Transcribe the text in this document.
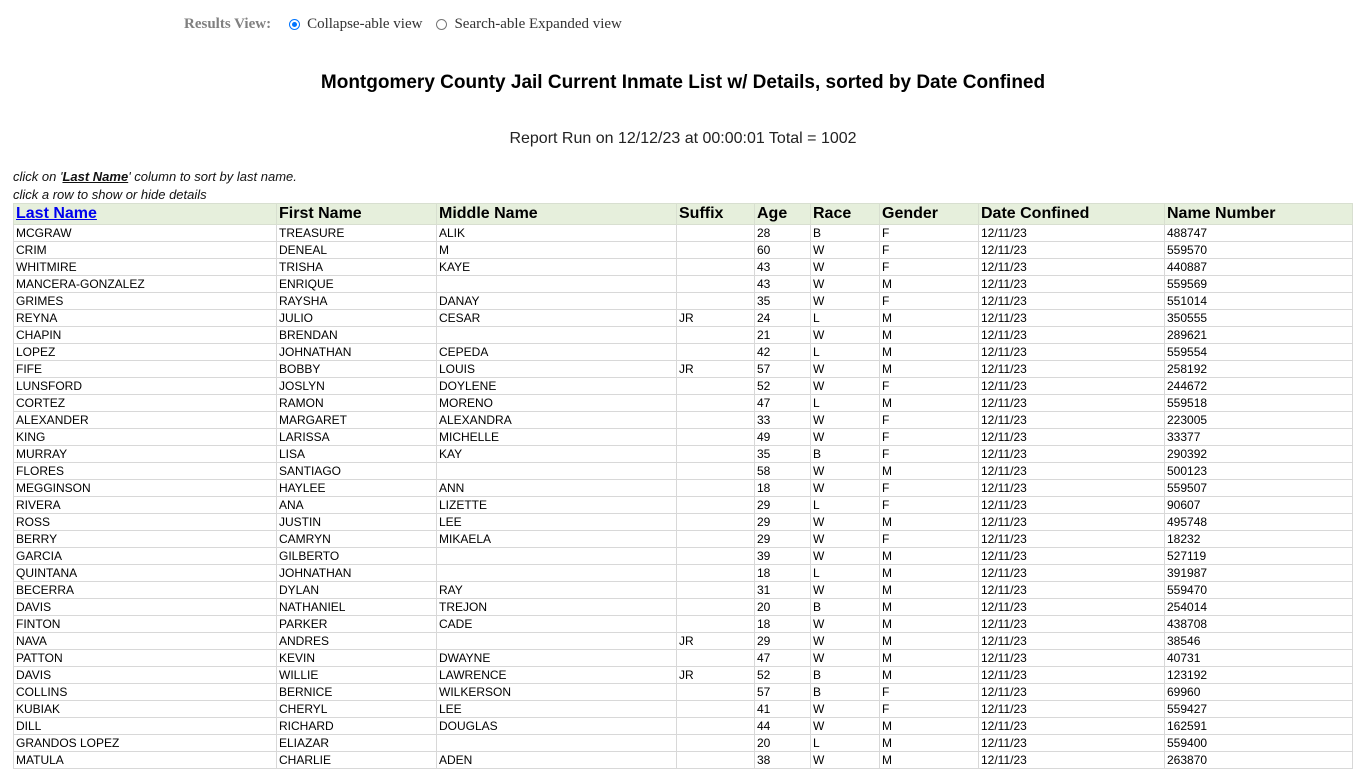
Results View: Collapse-able view Search-able Expanded view
Montgomery County Jail Current Inmate List w/ Details, sorted by Date Confined
Report Run on 12/12/23 at 00:00:01 Total = 1002
click on 'Last Name' column to sort by last name.
click a row to show or hide details
Last Name	First Name	Middle Name	Suffix	Age	Race	Gender	Date Confined	Name Number
MCGRAW	TREASURE	ALIK		28	B	F	12/11/23	488747
CRIM	DENEAL	M		60	W	F	12/11/23	559570
WHITMIRE	TRISHA	KAYE		43	W	F	12/11/23	440887
MANCERA-GONZALEZ	ENRIQUE			43	W	M	12/11/23	559569
GRIMES	RAYSHA	DANAY		35	W	F	12/11/23	551014
REYNA	JULIO	CESAR	JR	24	L	M	12/11/23	350555
CHAPIN	BRENDAN			21	W	M	12/11/23	289621
LOPEZ	JOHNATHAN	CEPEDA		42	L	M	12/11/23	559554
FIFE	BOBBY	LOUIS	JR	57	W	M	12/11/23	258192
LUNSFORD	JOSLYN	DOYLENE		52	W	F	12/11/23	244672
CORTEZ	RAMON	MORENO		47	L	M	12/11/23	559518
ALEXANDER	MARGARET	ALEXANDRA		33	W	F	12/11/23	223005
KING	LARISSA	MICHELLE		49	W	F	12/11/23	33377
MURRAY	LISA	KAY		35	B	F	12/11/23	290392
FLORES	SANTIAGO			58	W	M	12/11/23	500123
MEGGINSON	HAYLEE	ANN		18	W	F	12/11/23	559507
RIVERA	ANA	LIZETTE		29	L	F	12/11/23	90607
ROSS	JUSTIN	LEE		29	W	M	12/11/23	495748
BERRY	CAMRYN	MIKAELA		29	W	F	12/11/23	18232
GARCIA	GILBERTO			39	W	M	12/11/23	527119
QUINTANA	JOHNATHAN			18	L	M	12/11/23	391987
BECERRA	DYLAN	RAY		31	W	M	12/11/23	559470
DAVIS	NATHANIEL	TREJON		20	B	M	12/11/23	254014
FINTON	PARKER	CADE		18	W	M	12/11/23	438708
NAVA	ANDRES		JR	29	W	M	12/11/23	38546
PATTON	KEVIN	DWAYNE		47	W	M	12/11/23	40731
DAVIS	WILLIE	LAWRENCE	JR	52	B	M	12/11/23	123192
COLLINS	BERNICE	WILKERSON		57	B	F	12/11/23	69960
KUBIAK	CHERYL	LEE		41	W	F	12/11/23	559427
DILL	RICHARD	DOUGLAS		44	W	M	12/11/23	162591
GRANDOS LOPEZ	ELIAZAR			20	L	M	12/11/23	559400
MATULA	CHARLIE	ADEN		38	W	M	12/11/23	263870
